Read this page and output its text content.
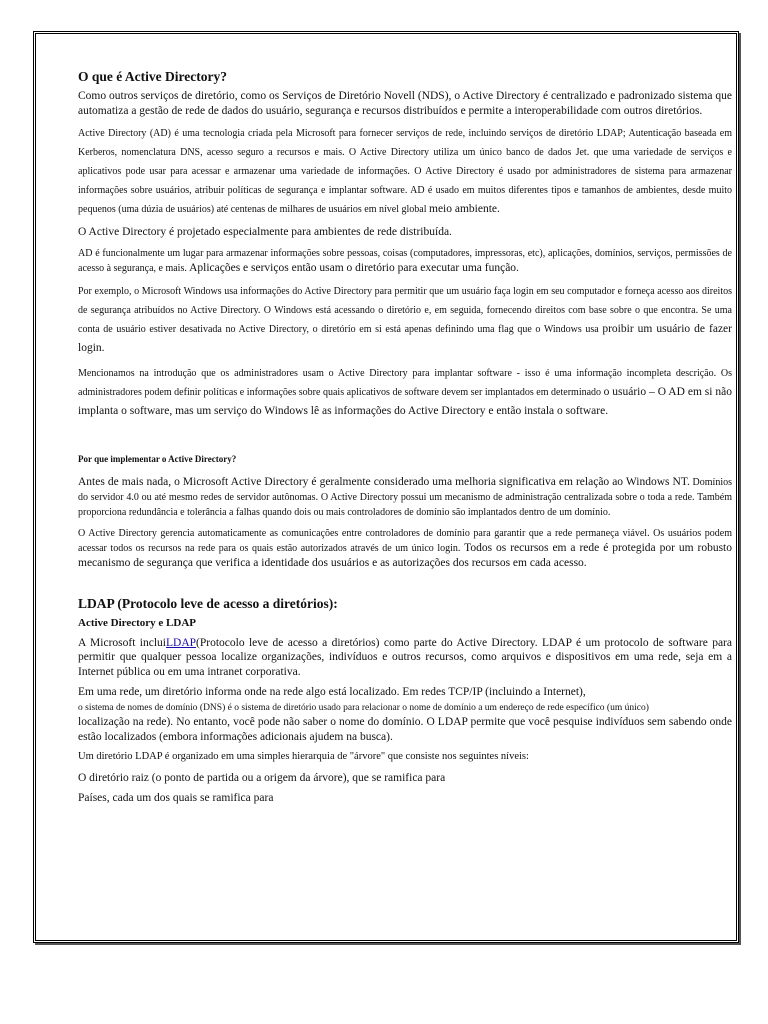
O que é Active Directory?

Como outros serviços de diretório, como os Serviços de Diretório Novell (NDS), o Active Directory é centralizado e padronizado sistema que automatiza a gestão de rede de dados do usuário, segurança e recursos distribuídos e permite a interoperabilidade com outros diretórios.

Active Directory (AD) é uma tecnologia criada pela Microsoft para fornecer serviços de rede, incluindo serviços de diretório LDAP; Autenticação baseada em Kerberos, nomenclatura DNS, acesso seguro a recursos e mais. O Active Directory utiliza um único banco de dados Jet. que uma variedade de serviços e aplicativos pode usar para acessar e armazenar uma variedade de informações. O Active Directory é usado por administradores de sistema para armazenar informações sobre usuários, atribuir políticas de segurança e implantar software. AD é usado em muitos diferentes tipos e tamanhos de ambientes, desde muito pequenos (uma dúzia de usuários) até centenas de milhares de usuários em nível global meio ambiente.

O Active Directory é projetado especialmente para ambientes de rede distribuída.

AD é funcionalmente um lugar para armazenar informações sobre pessoas, coisas (computadores, impressoras, etc), aplicações, domínios, serviços, permissões de acesso à segurança, e mais. Aplicações e serviços então usam o diretório para executar uma função.

Por exemplo, o Microsoft Windows usa informações do Active Directory para permitir que um usuário faça login em seu computador e forneça acesso aos direitos de segurança atribuídos no Active Directory. O Windows está acessando o diretório e, em seguida, fornecendo direitos com base sobre o que encontra. Se uma conta de usuário estiver desativada no Active Directory, o diretório em si está apenas definindo uma flag que o Windows usa proibir um usuário de fazer login.

Mencionamos na introdução que os administradores usam o Active Directory para implantar software - isso é uma informação incompleta descrição. Os administradores podem definir políticas e informações sobre quais aplicativos de software devem ser implantados em determinado o usuário – O AD em si não implanta o software, mas um serviço do Windows lê as informações do Active Directory e então instala o software.

Por que implementar o Active Directory?

Antes de mais nada, o Microsoft Active Directory é geralmente considerado uma melhoria significativa em relação ao Windows NT. Domínios do servidor 4.0 ou até mesmo redes de servidor autônomas. O Active Directory possui um mecanismo de administração centralizada sobre o toda a rede. Também proporciona redundância e tolerância a falhas quando dois ou mais controladores de domínio são implantados dentro de um domínio.

O Active Directory gerencia automaticamente as comunicações entre controladores de domínio para garantir que a rede permaneça viável. Os usuários podem acessar todos os recursos na rede para os quais estão autorizados através de um único login. Todos os recursos em a rede é protegida por um robusto mecanismo de segurança que verifica a identidade dos usuários e as autorizações dos recursos em cada acesso.

LDAP (Protocolo leve de acesso a diretórios):
Active Directory e LDAP

A Microsoft incluiLDAP(Protocolo leve de acesso a diretórios) como parte do Active Directory. LDAP é um protocolo de software para permitir que qualquer pessoa localize organizações, indivíduos e outros recursos, como arquivos e dispositivos em uma rede, seja em a Internet pública ou em uma intranet corporativa.

Em uma rede, um diretório informa onde na rede algo está localizado. Em redes TCP/IP (incluindo a Internet),
o sistema de nomes de domínio (DNS) é o sistema de diretório usado para relacionar o nome de domínio a um endereço de rede específico (um único)
localização na rede). No entanto, você pode não saber o nome do domínio. O LDAP permite que você pesquise indivíduos sem sabendo onde estão localizados (embora informações adicionais ajudem na busca).

Um diretório LDAP é organizado em uma simples hierarquia de "árvore" que consiste nos seguintes níveis:

O diretório raiz (o ponto de partida ou a origem da árvore), que se ramifica para

Países, cada um dos quais se ramifica para
